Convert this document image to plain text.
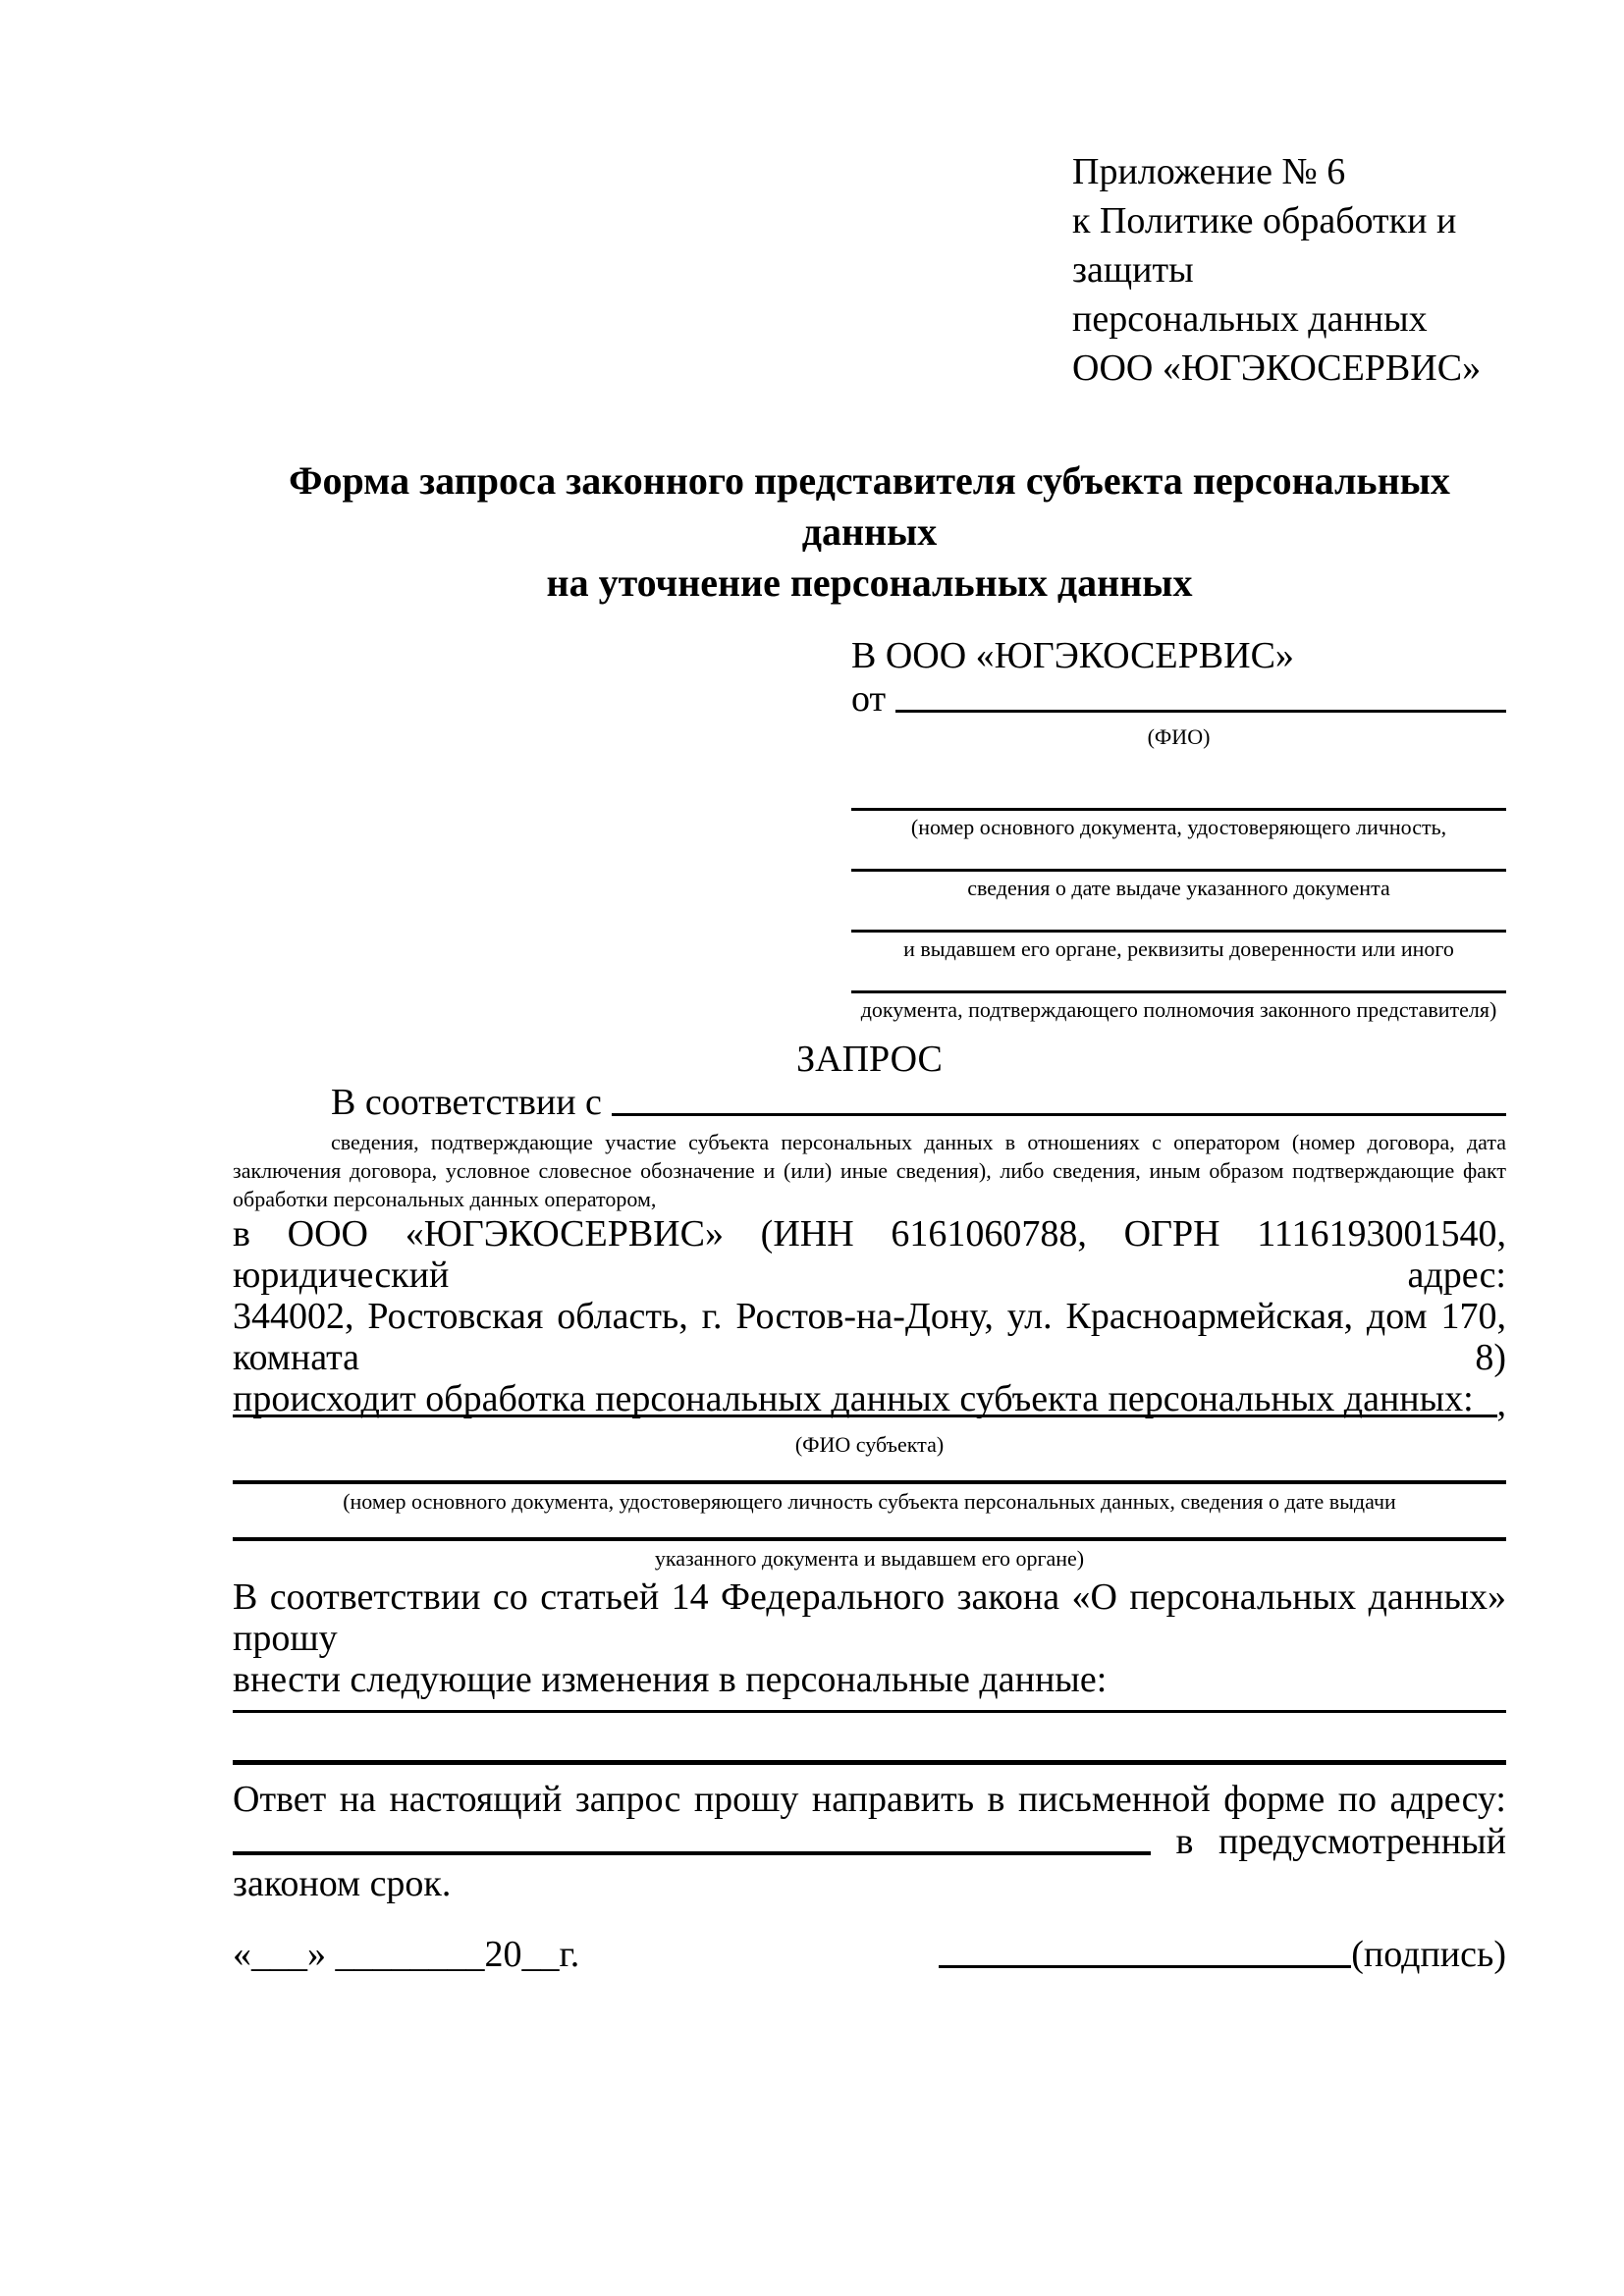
Приложение № 6
к Политике обработки и защиты
персональных данных
ООО «ЮГЭКОСЕРВИС»
Форма запроса законного представителя субъекта персональных данных
на уточнение персональных данных
В ООО «ЮГЭКОСЕРВИС»
от
(ФИО)
(номер основного документа, удостоверяющего личность,
сведения о дате выдаче указанного документа
и выдавшем его органе, реквизиты доверенности или иного
документа, подтверждающего полномочия законного представителя)
ЗАПРОС
В соответствии с
сведения, подтверждающие участие субъекта персональных данных в отношениях с оператором (номер договора, дата
заключения договора, условное словесное обозначение и (или) иные сведения), либо сведения, иным образом подтверждающие факт
обработки персональных данных оператором,
в ООО «ЮГЭКОСЕРВИС» (ИНН 6161060788, ОГРН 1116193001540, юридический адрес:
344002, Ростовская область, г. Ростов-на-Дону, ул. Красноармейская, дом 170, комната 8)
происходит обработка персональных данных субъекта персональных данных: ,
(ФИО субъекта)
(номер основного документа, удостоверяющего личность субъекта персональных данных, сведения о дате выдачи
указанного документа и выдавшем его органе)
В соответствии со статьей 14 Федерального закона «О персональных данных» прошу
внести следующие изменения в персональные данные:
Ответ на настоящий запрос прошу направить в письменной форме по адресу:
в предусмотренный
законом срок.
«___» ________20__г.	(подпись)
